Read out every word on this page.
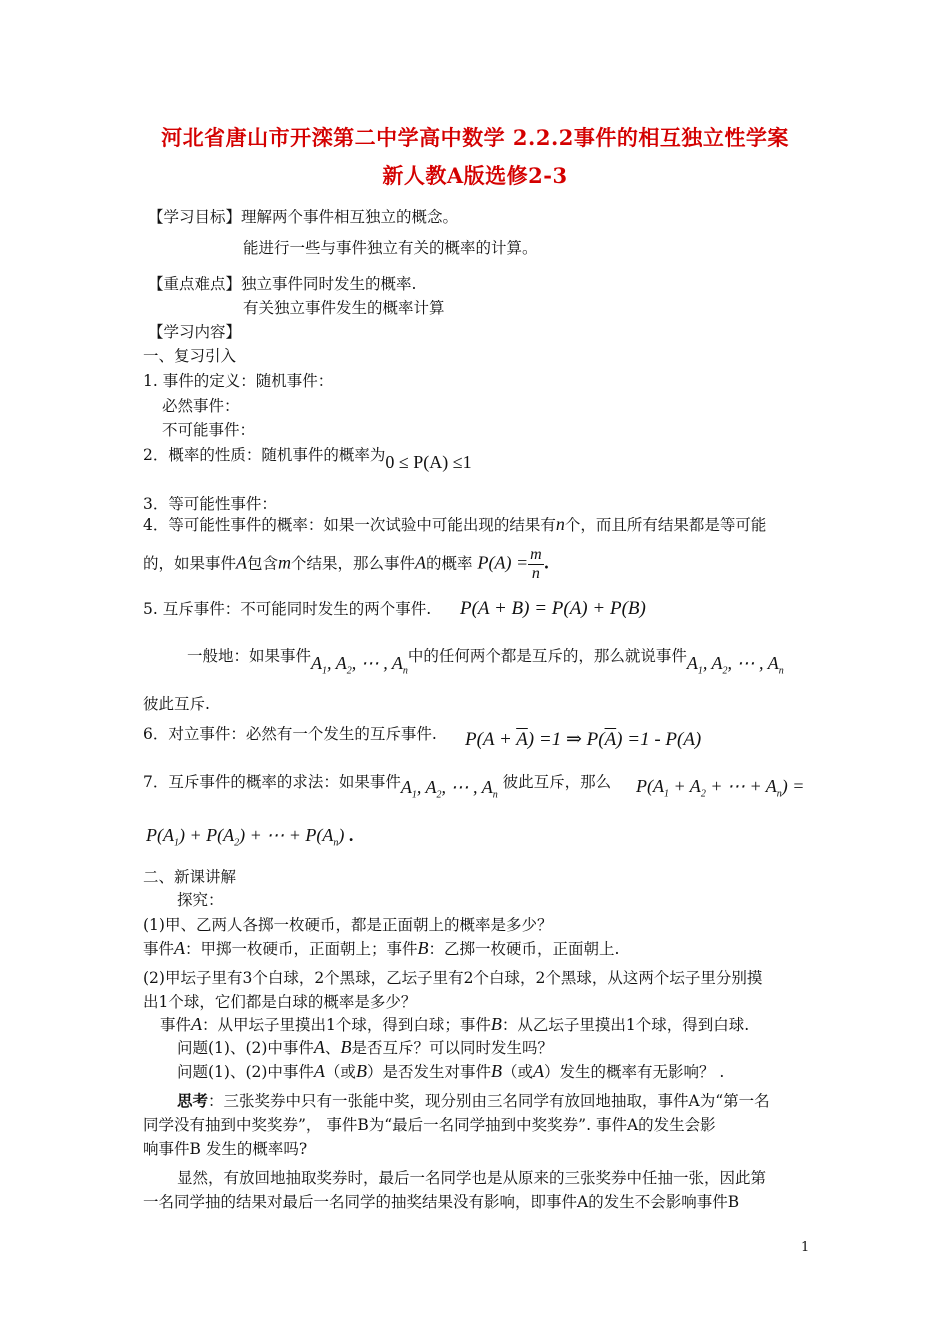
河北省唐山市开滦第二中学高中数学 2.2.2事件的相互独立性学案
新人教A版选修2-3
【学习目标】理解两个事件相互独立的概念。
能进行一些与事件独立有关的概率的计算。
【重点难点】独立事件同时发生的概率.
有关独立事件发生的概率计算
【学习内容】
一、复习引入
1. 事件的定义：随机事件：
必然事件：
不可能事件：
2．概率的性质：随机事件的概率为0 ≤ P(A) ≤1
3．等可能性事件：
4．等可能性事件的概率：如果一次试验中可能出现的结果有n个，而且所有结果都是等可能
的，如果事件A包含m个结果，那么事件A的概率 $P(A) = \frac{m}{n}$ .
5. 互斥事件：不可能同时发生的两个事件. P(A + B) = P(A) + P(B)
一般地：如果事件$A_1$, $A_2$, ⋯ , $A_n$中的任何两个都是互斥的，那么就说事件$A_1$, $A_2$, ⋯ , $A_n$
彼此互斥.
6．对立事件：必然有一个发生的互斥事件. $P(A + \overline{A}) =1$ ⇒ $P(\overline{A}) =1 - P(A)$
7．互斥事件的概率的求法：如果事件$A_1$, $A_2$, ⋯ , $A_n$ 彼此互斥，那么 $P(A_1 + A_2$ + ⋯ + $A_n$) =
$P(A_1) + P(A_2)$ + ⋯ + $P(A_n)$ .
二、新课讲解
探究：
(1)甲、乙两人各掷一枚硬币，都是正面朝上的概率是多少？
事件A：甲掷一枚硬币，正面朝上；事件B：乙掷一枚硬币，正面朝上.
(2)甲坛子里有3个白球，2个黑球，乙坛子里有2个白球，2个黑球，从这两个坛子里分别摸
出1个球，它们都是白球的概率是多少？
事件A：从甲坛子里摸出1个球，得到白球；事件B：从乙坛子里摸出1个球，得到白球.
问题(1)、(2)中事件A、B是否互斥？可以同时发生吗？
问题(1)、(2)中事件A（或B）是否发生对事件B（或A）发生的概率有无影响？ .
思考：三张奖券中只有一张能中奖，现分别由三名同学有放回地抽取，事件A为“第一名
同学没有抽到中奖奖券”， 事件B为“最后一名同学抽到中奖奖券”. 事件A的发生会影
响事件B 发生的概率吗?
显然，有放回地抽取奖券时，最后一名同学也是从原来的三张奖券中任抽一张，因此第
一名同学抽的结果对最后一名同学的抽奖结果没有影响，即事件A的发生不会影响事件B
1
